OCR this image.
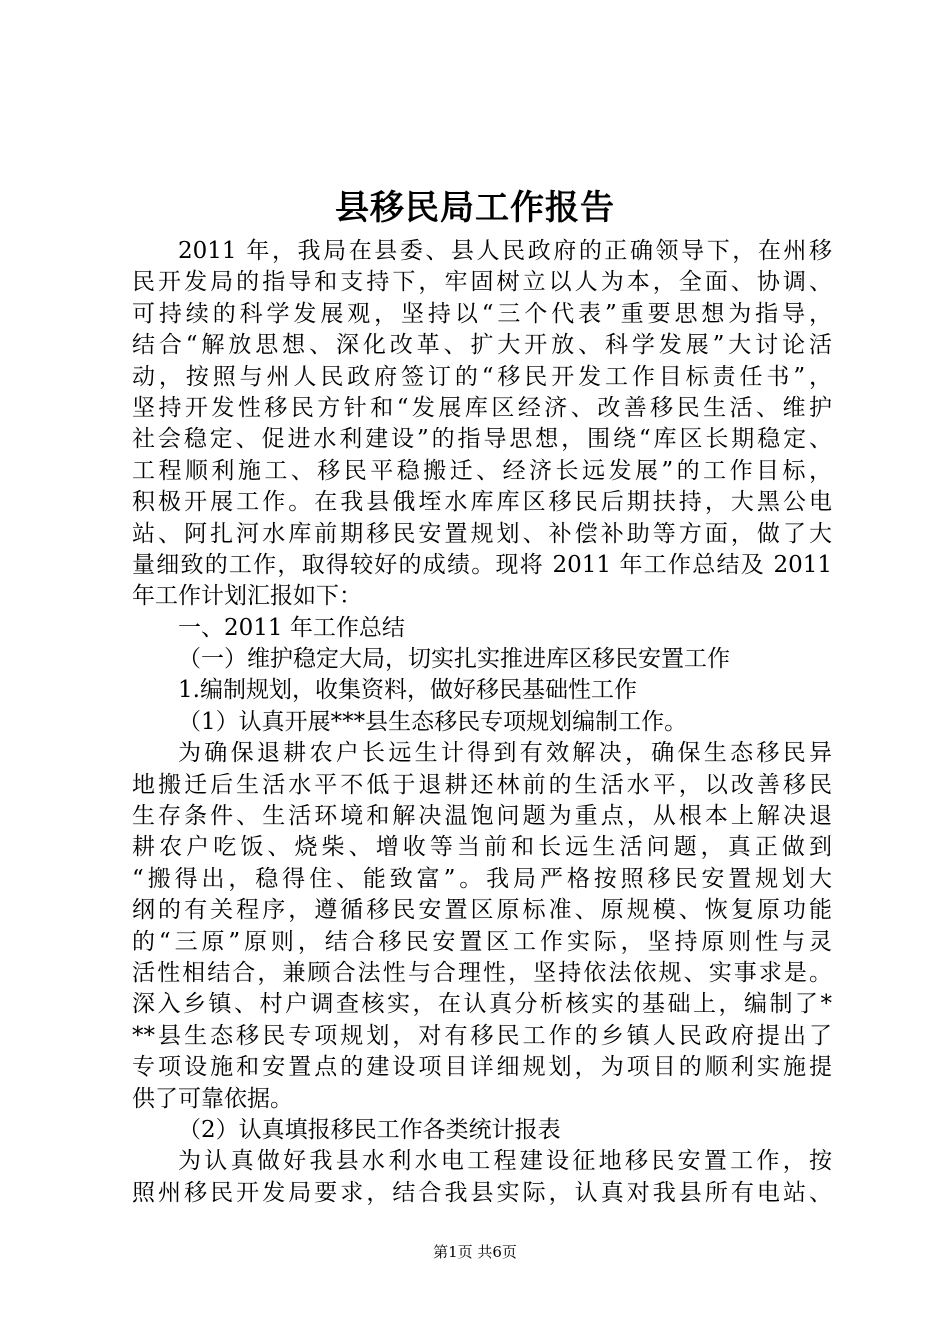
县移民局工作报告
2011 年，我局在县委、县人民政府的正确领导下，在州移
民开发局的指导和支持下，牢固树立以人为本，全面、协调、
可持续的科学发展观，坚持以“三个代表”重要思想为指导，
结合“解放思想、深化改革、扩大开放、科学发展”大讨论活
动，按照与州人民政府签订的“移民开发工作目标责任书”，
坚持开发性移民方针和“发展库区经济、改善移民生活、维护
社会稳定、促进水利建设”的指导思想，围绕“库区长期稳定、
工程顺利施工、移民平稳搬迁、经济长远发展”的工作目标，
积极开展工作。在我县俄垤水库库区移民后期扶持，大黑公电
站、阿扎河水库前期移民安置规划、补偿补助等方面，做了大
量细致的工作，取得较好的成绩。现将 2011 年工作总结及 2011
年工作计划汇报如下：
一、2011 年工作总结
（一）维护稳定大局，切实扎实推进库区移民安置工作
1.编制规划，收集资料，做好移民基础性工作
（1）认真开展***县生态移民专项规划编制工作。
为确保退耕农户长远生计得到有效解决，确保生态移民异
地搬迁后生活水平不低于退耕还林前的生活水平，以改善移民
生存条件、生活环境和解决温饱问题为重点，从根本上解决退
耕农户吃饭、烧柴、增收等当前和长远生活问题，真正做到
“搬得出，稳得住、能致富”。我局严格按照移民安置规划大
纲的有关程序，遵循移民安置区原标准、原规模、恢复原功能
的“三原”原则，结合移民安置区工作实际，坚持原则性与灵
活性相结合，兼顾合法性与合理性，坚持依法依规、实事求是。
深入乡镇、村户调查核实，在认真分析核实的基础上，编制了*
**县生态移民专项规划，对有移民工作的乡镇人民政府提出了
专项设施和安置点的建设项目详细规划，为项目的顺利实施提
供了可靠依据。
（2）认真填报移民工作各类统计报表
为认真做好我县水利水电工程建设征地移民安置工作，按
照州移民开发局要求，结合我县实际，认真对我县所有电站、
第1页 共6页
